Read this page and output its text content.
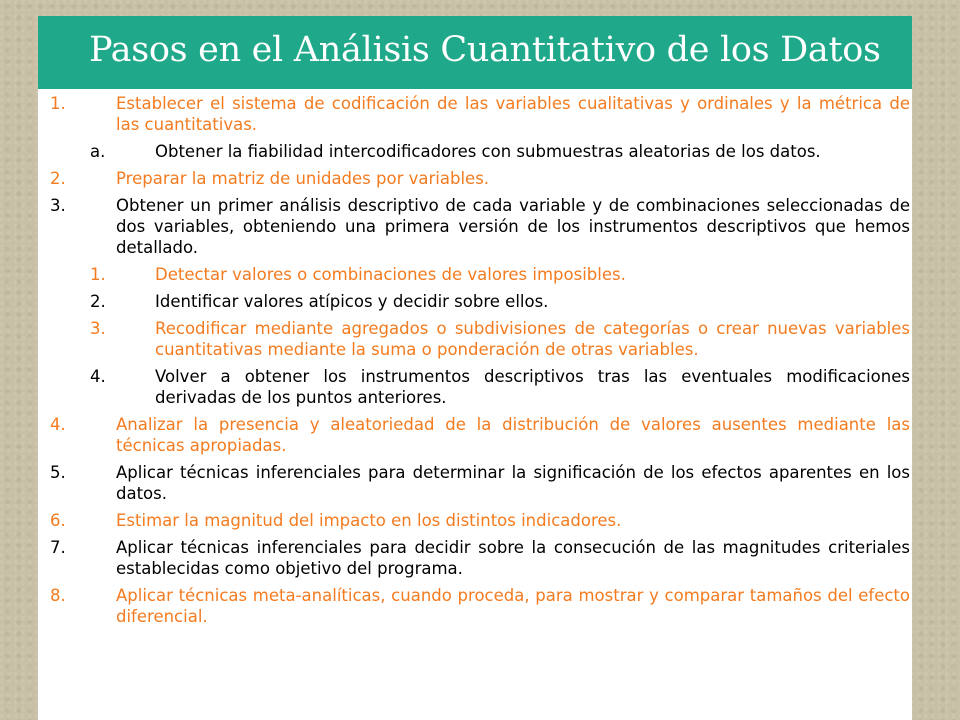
Pasos en el Análisis Cuantitativo de los Datos
1.	Establecer el sistema de codificación de las variables cualitativas y ordinales y la métrica de las cuantitativas.
a.	Obtener la fiabilidad intercodificadores con submuestras aleatorias de los datos.
2.	Preparar la matriz de unidades por variables.
3.	Obtener un primer análisis descriptivo de cada variable y de combinaciones seleccionadas de dos variables, obteniendo una primera versión de los instrumentos descriptivos que hemos detallado.
1.	Detectar valores o combinaciones de valores imposibles.
2.	Identificar valores atípicos y decidir sobre ellos.
3.	Recodificar mediante agregados o subdivisiones de categorías o crear nuevas variables cuantitativas mediante la suma o ponderación de otras variables.
4.	Volver a obtener los instrumentos descriptivos tras las eventuales modificaciones derivadas de los puntos anteriores.
4.	Analizar la presencia y aleatoriedad de la distribución de valores ausentes mediante las técnicas apropiadas.
5.	Aplicar técnicas inferenciales para determinar la significación de los efectos aparentes en los datos.
6.	Estimar la magnitud del impacto en los distintos indicadores.
7.	Aplicar técnicas inferenciales para decidir sobre la consecución de las magnitudes criteriales establecidas como objetivo del programa.
8.	Aplicar técnicas meta-analíticas, cuando proceda, para mostrar y comparar tamaños del efecto diferencial.
